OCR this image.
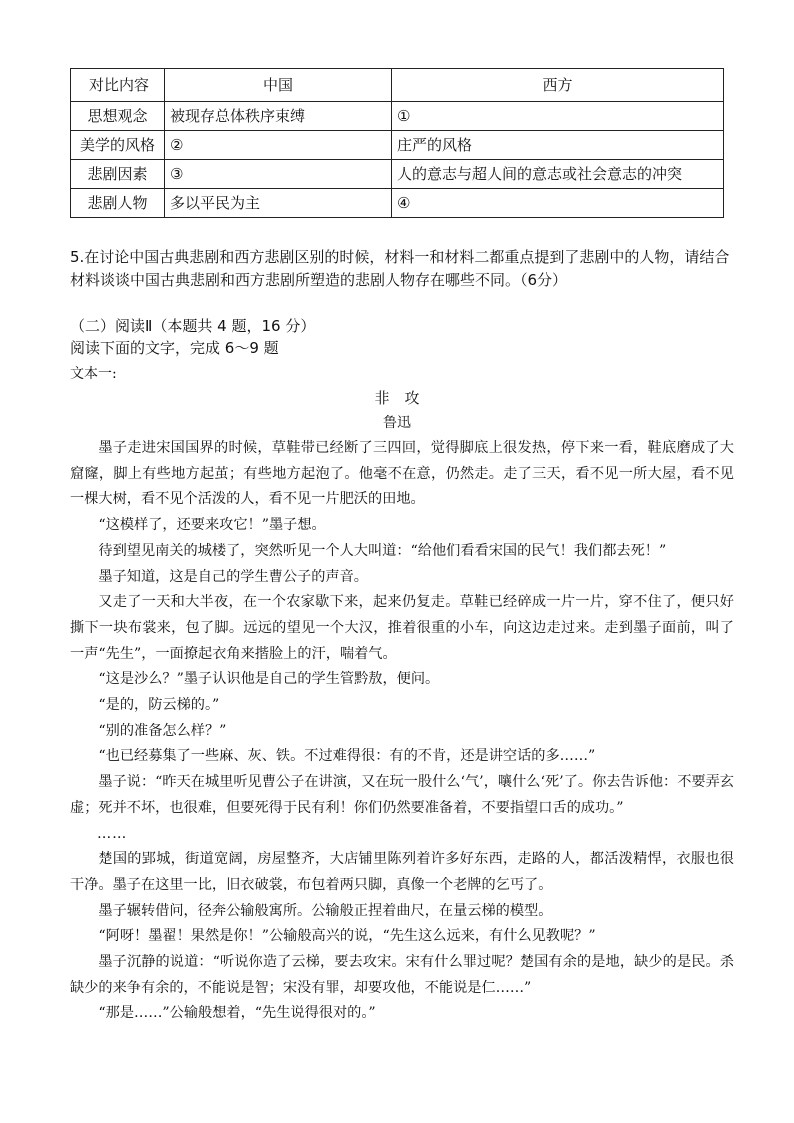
对比内容	中国	西方
思想观念	被现存总体秩序束缚	①
美学的风格	②	庄严的风格
悲剧因素	③	人的意志与超人间的意志或社会意志的冲突
悲剧人物	多以平民为主	④
5.在讨论中国古典悲剧和西方悲剧区别的时候，材料一和材料二都重点提到了悲剧中的人物，请结合材料谈谈中国古典悲剧和西方悲剧所塑造的悲剧人物存在哪些不同。（6分）
（二）阅读Ⅱ（本题共 4 题，16 分）
阅读下面的文字，完成 6～9 题
文本一:
非　攻
鲁迅

墨子走进宋国国界的时候，草鞋带已经断了三四回，觉得脚底上很发热，停下来一看，鞋底磨成了大窟窿，脚上有些地方起茧；有些地方起泡了。他毫不在意，仍然走。走了三天，看不见一所大屋，看不见一棵大树，看不见个活泼的人，看不见一片肥沃的田地。

“这模样了，还要来攻它！”墨子想。

待到望见南关的城楼了，突然听见一个人大叫道：“给他们看看宋国的民气！我们都去死！”

墨子知道，这是自己的学生曹公子的声音。

又走了一天和大半夜，在一个农家歇下来，起来仍复走。草鞋已经碎成一片一片，穿不住了，便只好撕下一块布裳来，包了脚。远远的望见一个大汉，推着很重的小车，向这边走过来。走到墨子面前，叫了一声“先生”，一面撩起衣角来揩脸上的汗，喘着气。

“这是沙么？”墨子认识他是自己的学生管黔敖，便问。

“是的，防云梯的。”

“别的准备怎么样？”

“也已经募集了一些麻、灰、铁。不过难得很：有的不肯，还是讲空话的多……”

墨子说：“昨天在城里听见曹公子在讲演，又在玩一股什么‘气’，嚷什么‘死’了。你去告诉他：不要弄玄虚；死并不坏，也很难，但要死得于民有利！你们仍然要准备着，不要指望口舌的成功。”

……

楚国的郢城，街道宽阔，房屋整齐，大店铺里陈列着许多好东西，走路的人，都活泼精悍，衣服也很干净。墨子在这里一比，旧衣破裳，布包着两只脚，真像一个老牌的乞丐了。

墨子辗转借问，径奔公输般寓所。公输般正捏着曲尺，在量云梯的模型。

“阿呀！墨翟！果然是你！”公输般高兴的说，“先生这么远来，有什么见教呢？”

墨子沉静的说道：“听说你造了云梯，要去攻宋。宋有什么罪过呢？楚国有余的是地，缺少的是民。杀缺少的来争有余的，不能说是智；宋没有罪，却要攻他，不能说是仁……”

“那是……”公输般想着，“先生说得很对的。”
